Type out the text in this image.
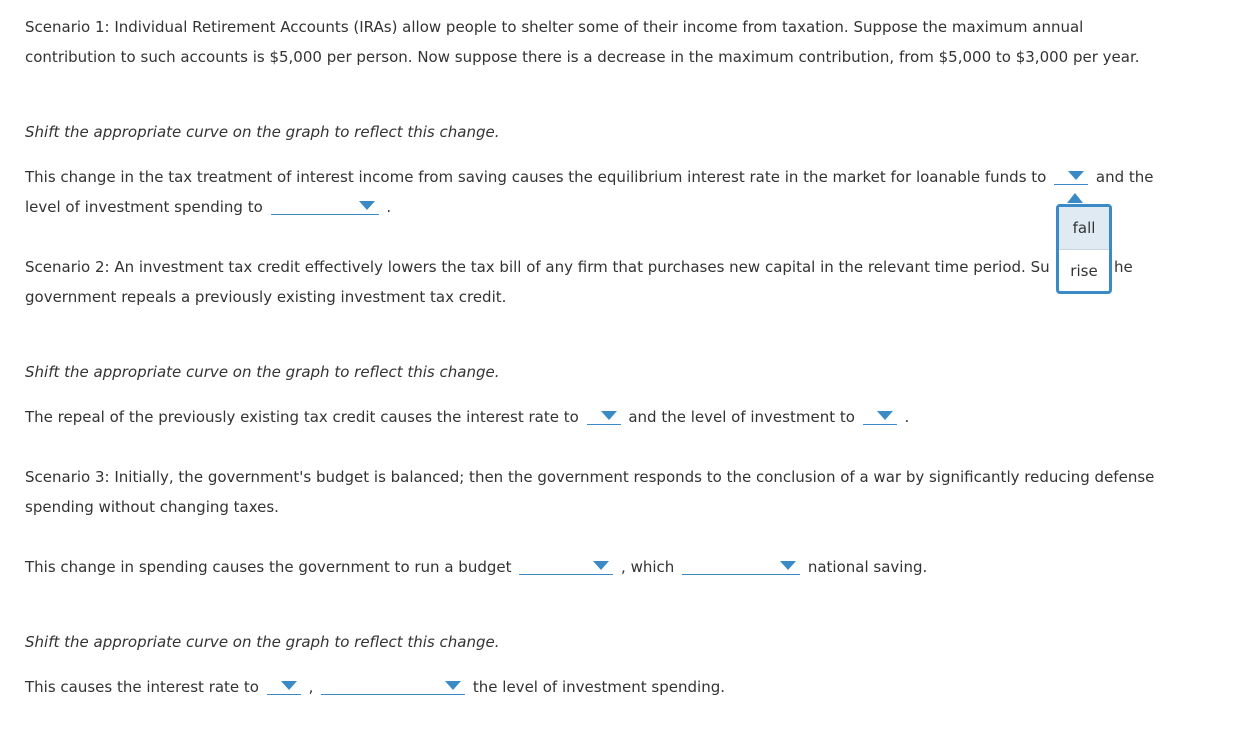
Scenario 1: Individual Retirement Accounts (IRAs) allow people to shelter some of their income from taxation. Suppose the maximum annual
contribution to such accounts is $5,000 per person. Now suppose there is a decrease in the maximum contribution, from $5,000 to $3,000 per year.
Shift the appropriate curve on the graph to reflect this change.
This change in the tax treatment of interest income from saving causes the equilibrium interest rate in the market for loanable funds to	and the
level of investment spending to	.
Scenario 2: An investment tax credit effectively lowers the tax bill of any firm that purchases new capital in the relevant time period. Su	he
government repeals a previously existing investment tax credit.
Shift the appropriate curve on the graph to reflect this change.
The repeal of the previously existing tax credit causes the interest rate to	and the level of investment to	.
Scenario 3: Initially, the government's budget is balanced; then the government responds to the conclusion of a war by significantly reducing defense
spending without changing taxes.
This change in spending causes the government to run a budget	, which	national saving.
Shift the appropriate curve on the graph to reflect this change.
This causes the interest rate to	,	the level of investment spending.
fall
rise
